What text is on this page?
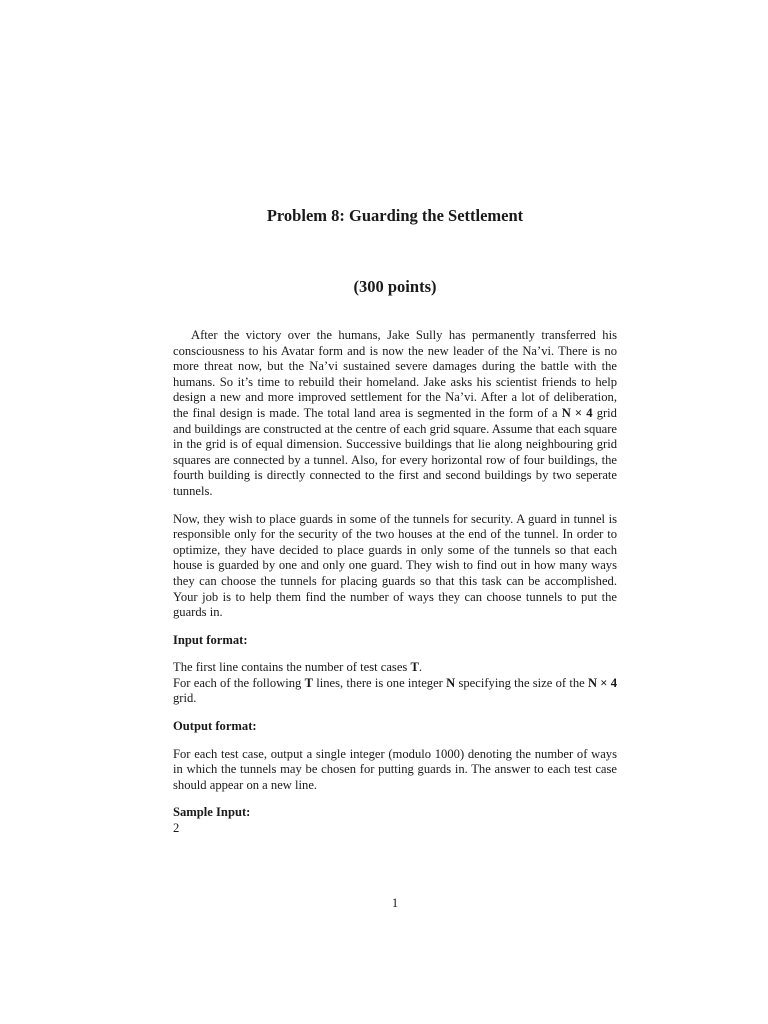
Problem 8: Guarding the Settlement
(300 points)

After the victory over the humans, Jake Sully has permanently transferred his consciousness to his Avatar form and is now the new leader of the Na’vi. There is no more threat now, but the Na’vi sustained severe damages during the battle with the humans. So it’s time to rebuild their homeland. Jake asks his scientist friends to help design a new and more improved settlement for the Na’vi. After a lot of deliberation, the final design is made. The total land area is segmented in the form of a N × 4 grid and buildings are constructed at the centre of each grid square. Assume that each square in the grid is of equal dimension. Successive buildings that lie along neighbouring grid squares are connected by a tunnel. Also, for every horizontal row of four buildings, the fourth building is directly connected to the first and second buildings by two seperate tunnels.

Now, they wish to place guards in some of the tunnels for security. A guard in tunnel is responsible only for the security of the two houses at the end of the tunnel. In order to optimize, they have decided to place guards in only some of the tunnels so that each house is guarded by one and only one guard. They wish to find out in how many ways they can choose the tunnels for placing guards so that this task can be accomplished. Your job is to help them find the number of ways they can choose tunnels to put the guards in.

Input format:

The first line contains the number of test cases T.
For each of the following T lines, there is one integer N specifying the size of the N × 4 grid.

Output format:

For each test case, output a single integer (modulo 1000) denoting the number of ways in which the tunnels may be chosen for putting guards in. The answer to each test case should appear on a new line.

Sample Input:

2

1
